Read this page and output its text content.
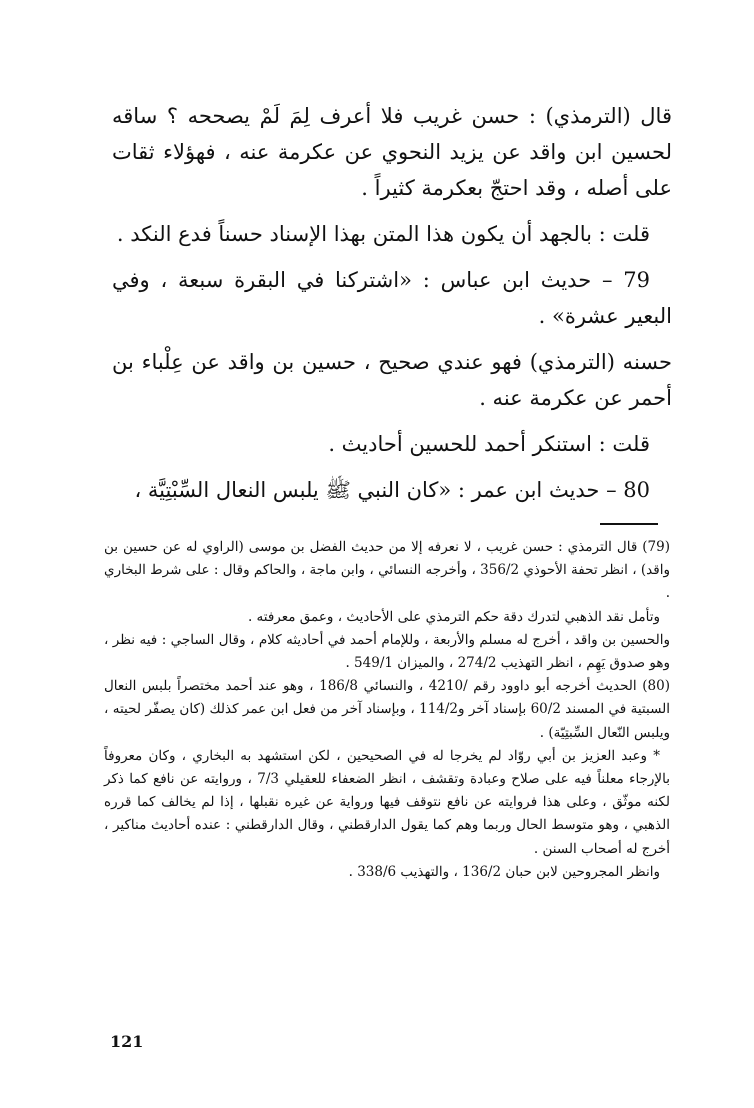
قال (الترمذي) : حسن غريب فلا أعرف لِمَ لَمْ يصححه ؟ ساقه لحسين ابن واقد عن يزيد النحوي عن عكرمة عنه ، فهؤلاء ثقات على أصله ، وقد احتجّ بعكرمة كثيراً .

قلت : بالجهد أن يكون هذا المتن بهذا الإسناد حسناً فدع النكد .

79 – حديث ابن عباس : «اشتركنا في البقرة سبعة ، وفي البعير عشرة» .

حسنه (الترمذي) فهو عندي صحيح ، حسين بن واقد عن عِلْباء بن أحمر عن عكرمة عنه .

قلت : استنكر أحمد للحسين أحاديث .

80 – حديث ابن عمر : «كان النبي ﷺ يلبس النعال السِّبْتِيَّة ،

(79) قال الترمذي : حسن غريب ، لا نعرفه إلا من حديث الفضل بن موسى (الراوي له عن حسين بن واقد) ، انظر تحفة الأحوذي 356/2 ، وأخرجه النسائي ، وابن ماجة ، والحاكم وقال : على شرط البخاري .

وتأمل نقد الذهبي لتدرك دقة حكم الترمذي على الأحاديث ، وعمق معرفته .

والحسين بن واقد ، أخرج له مسلم والأربعة ، وللإمام أحمد في أحاديثه كلام ، وقال الساجي : فيه نظر ، وهو صدوق يَهِم ، انظر التهذيب 274/2 ، والميزان 549/1 .

(80) الحديث أخرجه أبو داوود رقم /4210 ، والنسائي 186/8 ، وهو عند أحمد مختصراً بلبس النعال السبتية في المسند 60/2 بإسناد آخر و114/2 ، وبإسناد آخر من فعل ابن عمر كذلك (كان يصفّر لحيته ، ويلبس النّعال السِّبتِيّة) .

* وعبد العزيز بن أبي روّاد لم يخرجا له في الصحيحين ، لكن استشهد به البخاري ، وكان معروفاً بالإرجاء معلناً فيه على صلاح وعبادة وتقشف ، انظر الضعفاء للعقيلي 7/3 ، وروايته عن نافع كما ذكر لكنه موثّق ، وعلى هذا فروايته عن نافع نتوقف فيها ورواية عن غيره نقبلها ، إذا لم يخالف كما قرره الذهبي ، وهو متوسط الحال وربما وهم كما يقول الدارقطني ، وقال الدارقطني : عنده أحاديث مناكير ، أخرج له أصحاب السنن .

وانظر المجروحين لابن حبان 136/2 ، والتهذيب 338/6 .

121
